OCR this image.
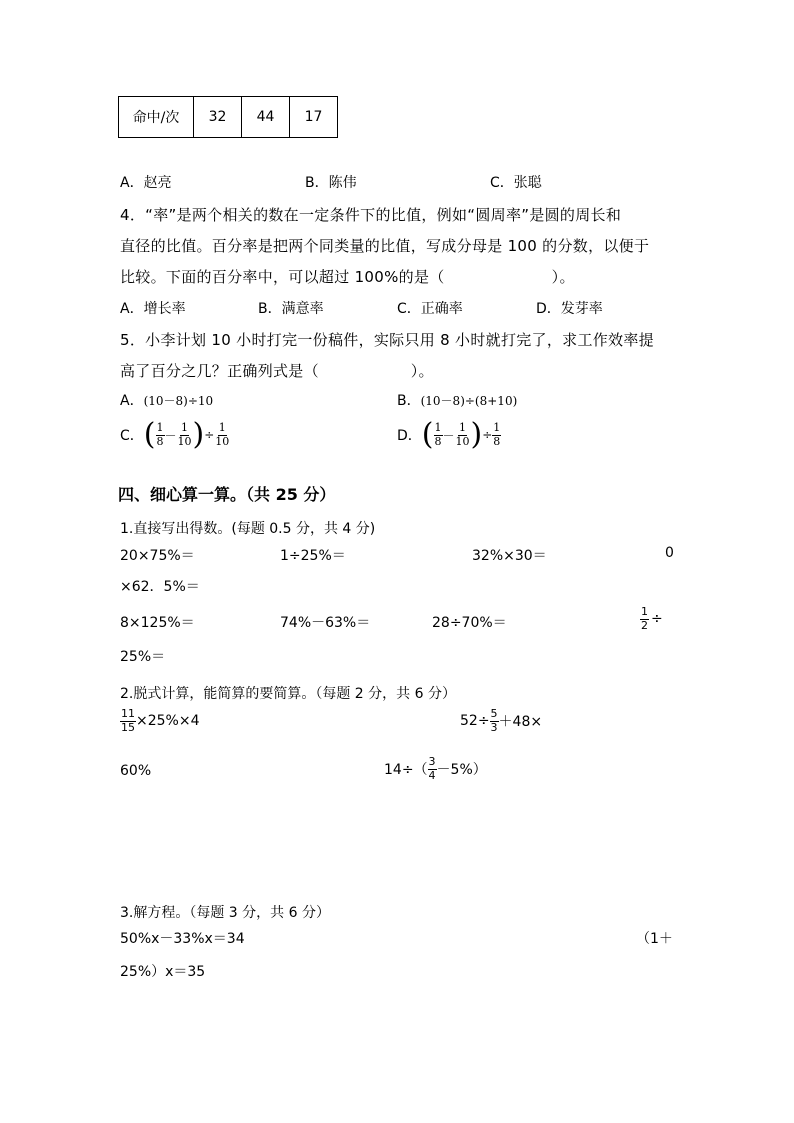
命中/次	32	44	17
A．赵亮	B．陈伟	C．张聪
4．“率”是两个相关的数在一定条件下的比值，例如“圆周率”是圆的周长和
直径的比值。百分率是把两个同类量的比值，写成分母是 100 的分数，以便于
比较。下面的百分率中，可以超过 100%的是（　　　　　　　）。
A．增长率	B．满意率	C．正确率	D．发芽率
5．小李计划 10 小时打完一份稿件，实际只用 8 小时就打完了，求工作效率提
高了百分之几？正确列式是（　　　　　　）。
A．(10－8)÷10	B．(10－8)÷(8+10)
C． ( $\frac{1}{8} - \frac{1}{10}$ ) ÷ $\frac{1}{10}$	D． ( $\frac{1}{8} - \frac{1}{10}$ ) ÷ $\frac{1}{8}$
四、细心算一算。（共 25 分）
1.直接写出得数。(每题 0.5 分，共 4 分)
20×75%＝	1÷25%＝	32%×30＝	0
×62．5%＝
8×125%＝	74%－63%＝	28÷70%＝	$\frac{1}{2}$ ÷
25%＝
2.脱式计算，能简算的要简算。（每题 2 分，共 6 分）
$\frac{11}{15} \times 25\%\times 4$	$52\div \frac{5}{3} +48\times$
60%	$14\div( \frac{3}{4} -5\%)$
3.解方程。（每题 3 分，共 6 分）
50%x－33%x＝34	（1＋
25%）x＝35
